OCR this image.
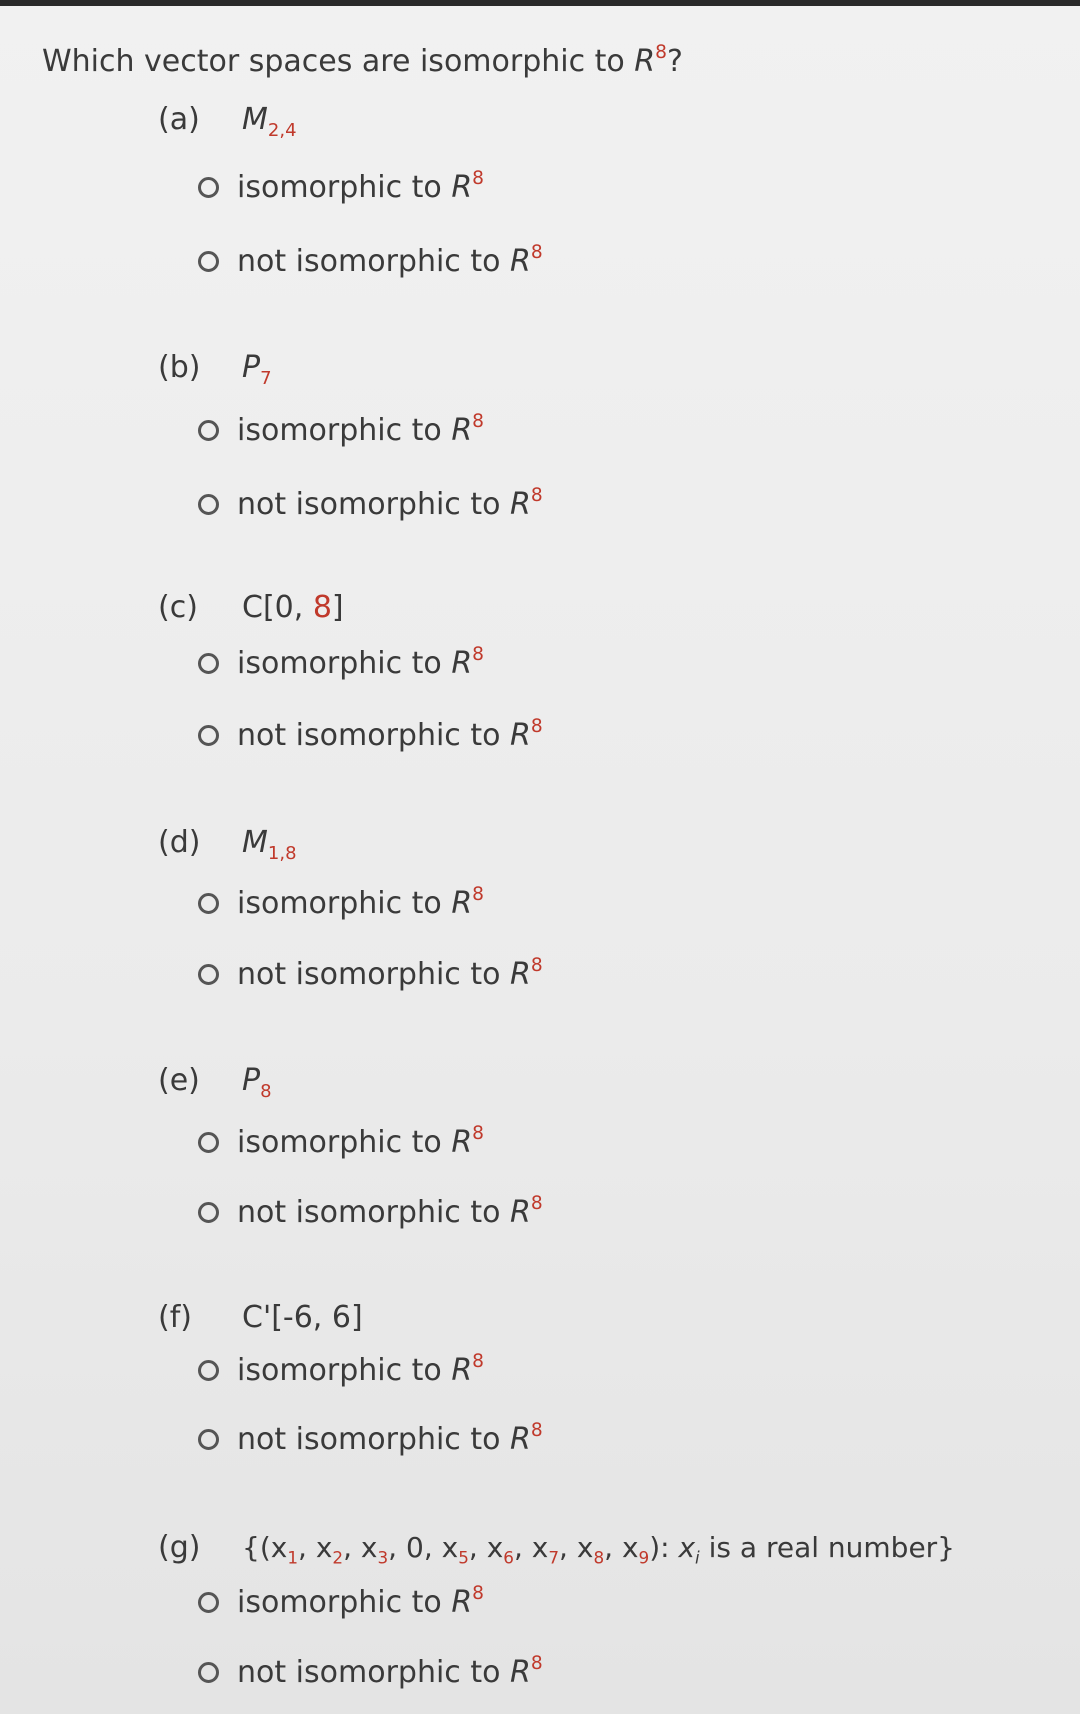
Which vector spaces are isomorphic to $R^8$?
(a) $M_{2,4}$
isomorphic to $R^8$
not isomorphic to $R^8$
(b) $P_7$
isomorphic to $R^8$
not isomorphic to $R^8$
(c) C[0, 8]
isomorphic to $R^8$
not isomorphic to $R^8$
(d) $M_{1,8}$
isomorphic to $R^8$
not isomorphic to $R^8$
(e) $P_8$
isomorphic to $R^8$
not isomorphic to $R^8$
(f) C'[-6, 6]
isomorphic to $R^8$
not isomorphic to $R^8$
(g) {($x_1$, $x_2$, $x_3$, 0, $x_5$, $x_6$, $x_7$, $x_8$, $x_9$): $x_i$ is a real number}
isomorphic to $R^8$
not isomorphic to $R^8$
